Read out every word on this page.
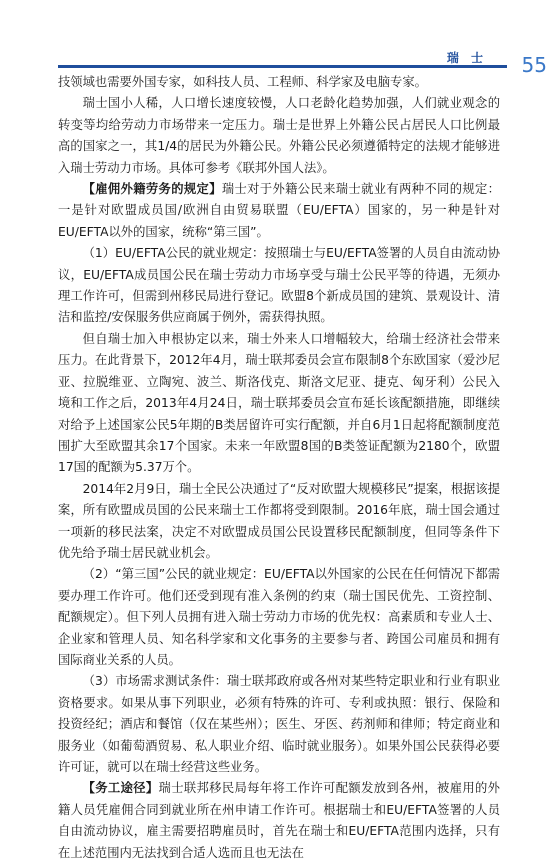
瑞 士 55

技领域也需要外国专家，如科技人员、工程师、科学家及电脑专家。

瑞士国小人稀，人口增长速度较慢，人口老龄化趋势加强，人们就业观念的转变等均给劳动力市场带来一定压力。瑞士是世界上外籍公民占居民人口比例最高的国家之一，其1/4的居民为外籍公民。外籍公民必须遵循特定的法规才能够进入瑞士劳动力市场。具体可参考《联邦外国人法》。

【雇佣外籍劳务的规定】瑞士对于外籍公民来瑞士就业有两种不同的规定：一是针对欧盟成员国/欧洲自由贸易联盟（EU/EFTA）国家的，另一种是针对EU/EFTA以外的国家，统称“第三国”。

（1）EU/EFTA公民的就业规定：按照瑞士与EU/EFTA签署的人员自由流动协议，EU/EFTA成员国公民在瑞士劳动力市场享受与瑞士公民平等的待遇，无须办理工作许可，但需到州移民局进行登记。欧盟8个新成员国的建筑、景观设计、清洁和监控/安保服务供应商属于例外，需获得执照。

但自瑞士加入申根协定以来，瑞士外来人口增幅较大，给瑞士经济社会带来压力。在此背景下，2012年4月，瑞士联邦委员会宣布限制8个东欧国家（爱沙尼亚、拉脱维亚、立陶宛、波兰、斯洛伐克、斯洛文尼亚、捷克、匈牙利）公民入境和工作之后，2013年4月24日，瑞士联邦委员会宣布延长该配额措施，即继续对给予上述国家公民5年期的B类居留许可实行配额，并自6月1日起将配额制度范围扩大至欧盟其余17个国家。未来一年欧盟8国的B类签证配额为2180个，欧盟17国的配额为5.37万个。

2014年2月9日，瑞士全民公决通过了“反对欧盟大规模移民”提案，根据该提案，所有欧盟成员国的公民来瑞士工作都将受到限制。2016年底，瑞士国会通过一项新的移民法案，决定不对欧盟成员国公民设置移民配额制度，但同等条件下优先给予瑞士居民就业机会。

（2）“第三国”公民的就业规定：EU/EFTA以外国家的公民在任何情况下都需要办理工作许可。他们还受到现有准入条例的约束（瑞士国民优先、工资控制、配额规定）。但下列人员拥有进入瑞士劳动力市场的优先权：高素质和专业人士、企业家和管理人员、知名科学家和文化事务的主要参与者、跨国公司雇员和拥有国际商业关系的人员。

（3）市场需求测试条件：瑞士联邦政府或各州对某些特定职业和行业有职业资格要求。如果从事下列职业，必须有特殊的许可、专利或执照：银行、保险和投资经纪；酒店和餐馆（仅在某些州）；医生、牙医、药剂师和律师；特定商业和服务业（如葡萄酒贸易、私人职业介绍、临时就业服务）。如果外国公民获得必要许可证，就可以在瑞士经营这些业务。

【务工途径】瑞士联邦移民局每年将工作许可配额发放到各州，被雇用的外籍人员凭雇佣合同到就业所在州申请工作许可。根据瑞士和EU/EFTA签署的人员自由流动协议，雇主需要招聘雇员时，首先在瑞士和EU/EFTA范围内选择，只有在上述范围内无法找到合适人选而且也无法在
